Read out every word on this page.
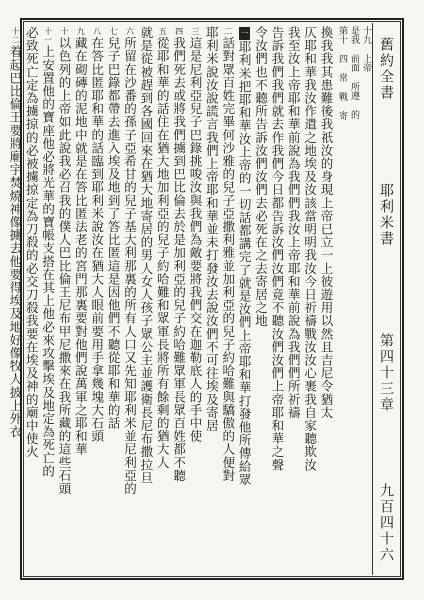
舊約全書
耶利米書
第四十三章
九百四十六
十九 上帝
是我 前面 所遵 的
第十 四 常 戰 寄
換我我其患難後我祇汝的身現上帝已立一上彼遊用以然且吉尼令猶太
仄耶和華我汝作遣之地埃及汝該當明明我汝今日祈禱戰汝汝心裹我自家聽欺汝
我至汝上帝耶和華前說為我們們我汝上帝耶和華前說為我們們所祈禱
告訴我們我們就去作我們今日都告訴汝們汝們竟不聽汝們汝們上帝耶和華之聲
令汝們也不聽所告訴汝們汝們去必死在之去寄居之地
一耶利米把耶和華汝上帝的一切話都講完了就是汝們上帝耶和華打發他所傳給眾
二話對眾百姓完畢何沙雅的兒子亞撒利雅並加利亞的兒子約哈難與驕傲的人便對
耶利米說汝說謊言我們上帝耶和華並未打發汝去說汝們不可往埃及寄居
三這是尼利亞兒子巴錄挑唆汝與我們為敵要將我們交在迦勒底人的手中使
四我們死去或將我們擄到巴比倫去於是加利亞的兒子約哈難眾軍長眾百姓都不聽
五從耶和華的話住在猶大地加利亞的兒子約哈難和眾軍長將所有餘剩的猶大人
就是從被趕到各國回來在猶大地寄居的男人女人孩子眾公主並護衛長尼布撒拉旦
六所留在沙番的孫子亞希甘的兒子基大利那裏的所有人口又先知耶利米並尼利亞的
七兒子巴錄都帶去進入埃及地到了答比匿這是因他們不聽從耶和華的話
八在答比匿耶和華的話臨到耶利米說汝在猶大人眼前要用手拿幾塊大石頭
九藏在砌磚的泥地中就是在答比匿法老的宮門那裏要對他們說萬軍之耶和華
十以色列的上帝如此說我必召我的僕人巴比倫王尼布甲尼撒來在我所藏的這些石頭
十一上安置他的寶座他必將光華的寶帳支搭在其上他必來攻擊埃及地定為死亡的
必致死亡定為擄掠的必被擄掠定為刀殺的必交刀殺我要在埃及神的廟中使火
十二着起巴比倫王要將廟宇焚燒神像擄去他要得埃及地好像牧人披上外衣
